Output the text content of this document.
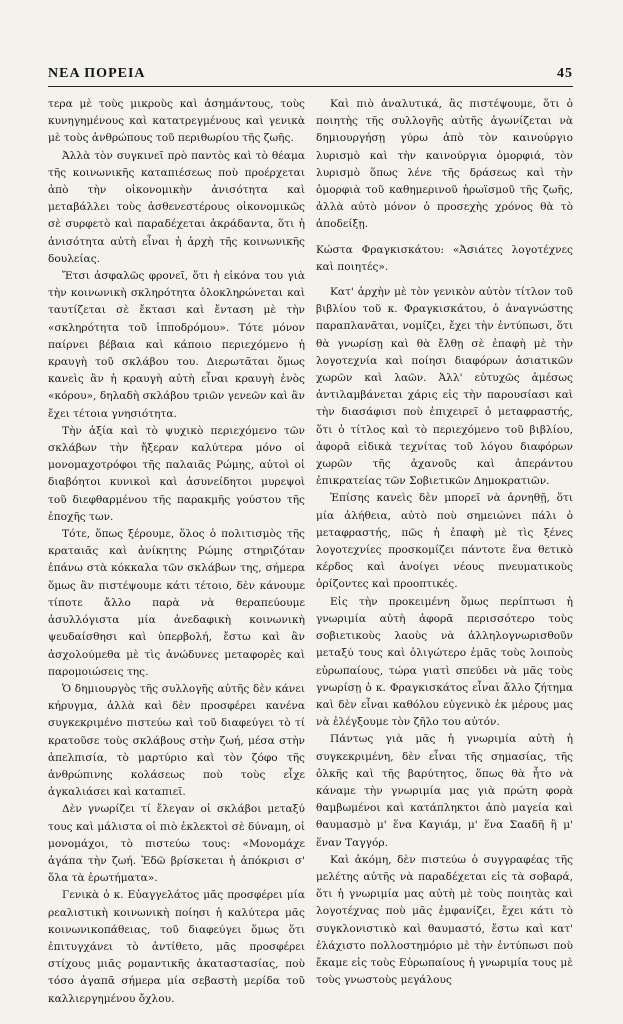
ΝΕΑ ΠΟΡΕΙΑ	45

τερα μὲ τοὺς μικροὺς καὶ ἀσημάντους, τοὺς κυνηγημένους καὶ κατατρεγμένους καὶ γενικὰ μὲ τοὺς ἀνθρώπους τοῦ περιθωρίου τῆς ζωῆς.

Ἀλλὰ τὸν συγκινεῖ πρὸ παντὸς καὶ τὸ θέαμα τῆς κοινωνικῆς καταπιέσεως ποὺ προέρχεται ἀπὸ τὴν οἰκονομικὴν ἀνισότητα καὶ μεταβάλλει τοὺς ἀσθενεστέρους οἰκονομικῶς σὲ συρφετὸ καὶ παραδέχεται ἀκράδαντα, ὅτι ἡ ἀνισότητα αὐτὴ εἶναι ἡ ἀρχὴ τῆς κοινωνικῆς δουλείας.

Ἔτσι ἀσφαλῶς φρονεῖ, ὅτι ἡ εἰκόνα του γιὰ τὴν κοινωνικὴ σκληρότητα ὁλοκληρώνεται καὶ ταυτίζεται σὲ ἔκτασι καὶ ἔνταση μὲ τὴν «σκληρότητα τοῦ ἱπποδρόμου». Τότε μόνον παίρνει βέβαια καὶ κάποιο περιεχόμενο ἡ κραυγὴ τοῦ σκλάβου του. Διερωτᾶται ὅμως κανεὶς ἂν ἡ κραυγὴ αὐτὴ εἶναι κραυγὴ ἑνὸς «κόρου», δηλαδὴ σκλάβου τριῶν γενεῶν καὶ ἂν ἔχει τέτοια γνησιότητα.

Τὴν ἀξία καὶ τὸ ψυχικὸ περιεχόμενο τῶν σκλάβων τὴν ἤξεραν καλύτερα μόνο οἱ μονομαχοτρόφοι τῆς παλαιᾶς Ρώμης, αὐτοὶ οἱ διαβόητοι κυνικοὶ καὶ ἀσυνείδητοι μυρεψοὶ τοῦ διεφθαρμένου τῆς παρακμῆς γούστου τῆς ἐποχῆς των.

Τότε, ὅπως ξέρουμε, ὅλος ὁ πολιτισμὸς τῆς κραταιᾶς καὶ ἀνίκητης Ρώμης στηριζόταν ἐπάνω στὰ κόκκαλα τῶν σκλάβων της, σήμερα ὅμως ἂν πιστέψουμε κάτι τέτοιο, δὲν κάνουμε τίποτε ἄλλο παρὰ νὰ θεραπεύουμε ἀσυλλόγιστα μία ἀνεδαφικὴ κοινωνικὴ ψευδαίσθησι καὶ ὑπερβολή, ἔστω καὶ ἂν ἀσχολούμεθα μὲ τὶς ἀνώδυνες μεταφορὲς καὶ παρομοιώσεις της.

Ὁ δημιουργὸς τῆς συλλογῆς αὐτῆς δὲν κάνει κήρυγμα, ἀλλὰ καὶ δὲν προσφέρει κανένα συγκεκριμένο πιστεύω καὶ τοῦ διαφεύγει τὸ τί κρατοῦσε τοὺς σκλάβους στὴν ζωή, μέσα στὴν ἀπελπισία, τὸ μαρτύριο καὶ τὸν ζόφο τῆς ἀνθρώπινης κολάσεως ποὺ τοὺς εἶχε ἀγκαλιάσει καὶ καταπιεῖ.

Δὲν γνωρίζει τί ἔλεγαν οἱ σκλάβοι μεταξύ τους καὶ μάλιστα οἱ πιὸ ἐκλεκτοὶ σὲ δύναμη, οἱ μονομάχοι, τὸ πιστεύω τους: «Μονομάχε ἀγάπα τὴν ζωή. Ἐδῶ βρίσκεται ἡ ἀπόκρισι σ' ὅλα τὰ ἐρωτήματα».

Γενικὰ ὁ κ. Εὐαγγελάτος μᾶς προσφέρει μία ρεαλιστικὴ κοινωνικὴ ποίησι ἡ καλύτερα μᾶς κοινωνικοπάθειας, τοῦ διαφεύγει ὅμως ὅτι ἐπιτυγχάνει τὸ ἀντίθετο, μᾶς προσφέρει στίχους μιᾶς ρομαντικῆς ἀκαταστασίας, ποὺ τόσο ἀγαπᾶ σήμερα μία σεβαστὴ μερίδα τοῦ καλλιεργημένου ὄχλου.

Καὶ πιὸ ἀναλυτικά, ἂς πιστέψουμε, ὅτι ὁ ποιητὴς τῆς συλλογῆς αὐτῆς ἀγωνίζεται νὰ δημιουργήσῃ γύρω ἀπὸ τὸν καινούργιο λυρισμὸ καὶ τὴν καινούργια ὁμορφιά, τὸν λυρισμὸ ὅπως λένε τῆς δράσεως καὶ τὴν ὁμορφιὰ τοῦ καθημερινοῦ ἡρωϊσμοῦ τῆς ζωῆς, ἀλλὰ αὐτὸ μόνον ὁ προσεχὴς χρόνος θὰ τὸ ἀποδείξῃ.

Κώστα Φραγκισκάτου: «Ἀσιάτες λογοτέχνες καὶ ποιητές».

Κατ' ἀρχὴν μὲ τὸν γενικὸν αὐτὸν τίτλον τοῦ βιβλίου τοῦ κ. Φραγκισκάτου, ὁ ἀναγνώστης παραπλανᾶται, νομίζει, ἔχει τὴν ἐντύπωσι, ὅτι θὰ γνωρίσῃ καὶ θὰ ἔλθῃ σὲ ἐπαφὴ μὲ τὴν λογοτεχνία καὶ ποίησι διαφόρων ἀσιατικῶν χωρῶν καὶ λαῶν. Ἀλλ' εὐτυχῶς ἀμέσως ἀντιλαμβάνεται χάρις εἰς τὴν παρουσίασι καὶ τὴν διασάφισι ποὺ ἐπιχειρεῖ ὁ μεταφραστής, ὅτι ὁ τίτλος καὶ τὸ περιεχόμενο τοῦ βιβλίου, ἀφορᾶ εἰδικὰ τεχνίτας τοῦ λόγου διαφόρων χωρῶν τῆς ἀχανοῦς καὶ ἀπεράντου ἐπικρατείας τῶν Σοβιετικῶν Δημοκρατιῶν.

Ἐπίσης κανεὶς δὲν μπορεῖ νὰ ἀρνηθῇ, ὅτι μία ἀλήθεια, αὐτὸ ποὺ σημειώνει πάλι ὁ μεταφραστής, πῶς ἡ ἐπαφὴ μὲ τὶς ξένες λογοτεχνίες προσκομίζει πάντοτε ἕνα θετικὸ κέρδος καὶ ἀνοίγει νέους πνευματικοὺς ὁρίζοντες καὶ προοπτικές.

Εἰς τὴν προκειμένη ὅμως περίπτωσι ἡ γνωριμία αὐτὴ ἀφορᾶ περισσότερο τοὺς σοβιετικοὺς λαοὺς νὰ ἀλληλογνωρισθοῦν μεταξύ τους καὶ ὀλιγώτερο ἐμᾶς τοὺς λοιποὺς εὐρωπαίους, τώρα γιατὶ σπεύδει νὰ μᾶς τοὺς γνωρίσῃ ὁ κ. Φραγκισκάτος εἶναι ἄλλο ζήτημα καὶ δὲν εἶναι καθόλου εὐγενικὸ ἐκ μέρους μας νὰ ἐλέγξουμε τὸν ζῆλο του αὐτόν.

Πάντως γιὰ μᾶς ἡ γνωριμία αὐτὴ ἡ συγκεκριμένη, δὲν εἶναι τῆς σημασίας, τῆς ὁλκῆς καὶ τῆς βαρύτητος, ὅπως θὰ ἦτο νὰ κάναμε τὴν γνωριμία μας γιὰ πρώτη φορὰ θαμβωμένοι καὶ κατάπληκτοι ἀπὸ μαγεία καὶ θαυμασμὸ μ' ἕνα Καγιάμ, μ' ἕνα Σααδῆ ἢ μ' ἕναν Ταγγόρ.

Καὶ ἀκόμη, δὲν πιστεύω ὁ συγγραφέας τῆς μελέτης αὐτῆς νὰ παραδέχεται εἰς τὰ σοβαρά, ὅτι ἡ γνωριμία μας αὐτὴ μὲ τοὺς ποιητὰς καὶ λογοτέχνας ποὺ μᾶς ἐμφανίζει, ἔχει κάτι τὸ συγκλονιστικὸ καὶ θαυμαστό, ἔστω καὶ κατ' ἐλάχιστο πολλοστημόριο μὲ τὴν ἐντύπωσι ποὺ ἔκαμε εἰς τοὺς Εὐρωπαίους ἡ γνωριμία τους μὲ τοὺς γνωστοὺς μεγάλους
